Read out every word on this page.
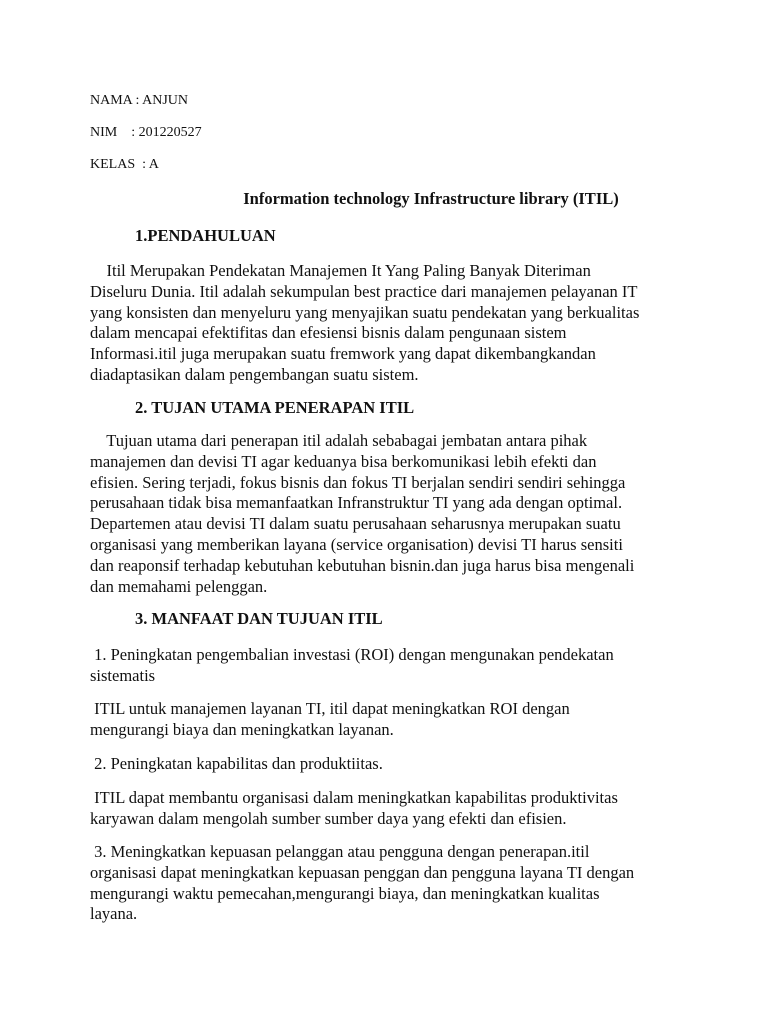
NAMA : ANJUN
NIM    : 201220527
KELAS  : A
Information technology Infrastructure library (ITIL)
1.PENDAHULUAN

Itil Merupakan Pendekatan Manajemen It Yang Paling Banyak Diteriman

Diseluru Dunia. Itil adalah sekumpulan best practice dari manajemen pelayanan IT

yang konsisten dan menyeluru yang menyajikan suatu pendekatan yang berkualitas

dalam mencapai efektifitas dan efesiensi bisnis dalam pengunaan sistem

Informasi.itil juga merupakan suatu fremwork yang dapat dikembangkandan

diadaptasikan dalam pengembangan suatu sistem.

2. TUJAN UTAMA PENERAPAN ITIL

Tujuan utama dari penerapan itil adalah sebabagai jembatan antara pihak

manajemen dan devisi TI agar keduanya bisa berkomunikasi lebih efekti dan

efisien. Sering terjadi, fokus bisnis dan fokus TI berjalan sendiri sendiri sehingga

perusahaan tidak bisa memanfaatkan Infranstruktur TI yang ada dengan optimal.

Departemen atau devisi TI dalam suatu perusahaan seharusnya merupakan suatu

organisasi yang memberikan layana (service organisation) devisi TI harus sensiti

dan reaponsif terhadap kebutuhan kebutuhan bisnin.dan juga harus bisa mengenali

dan memahami pelenggan.

3. MANFAAT DAN TUJUAN ITIL

1. Peningkatan pengembalian investasi (ROI) dengan mengunakan pendekatan

sistematis

ITIL untuk manajemen layanan TI, itil dapat meningkatkan ROI dengan

mengurangi biaya dan meningkatkan layanan.

2. Peningkatan kapabilitas dan produktiitas.

ITIL dapat membantu organisasi dalam meningkatkan kapabilitas produktivitas

karyawan dalam mengolah sumber sumber daya yang efekti dan efisien.

3. Meningkatkan kepuasan pelanggan atau pengguna dengan penerapan.itil

organisasi dapat meningkatkan kepuasan penggan dan pengguna layana TI dengan

mengurangi waktu pemecahan,mengurangi biaya, dan meningkatkan kualitas

layana.
